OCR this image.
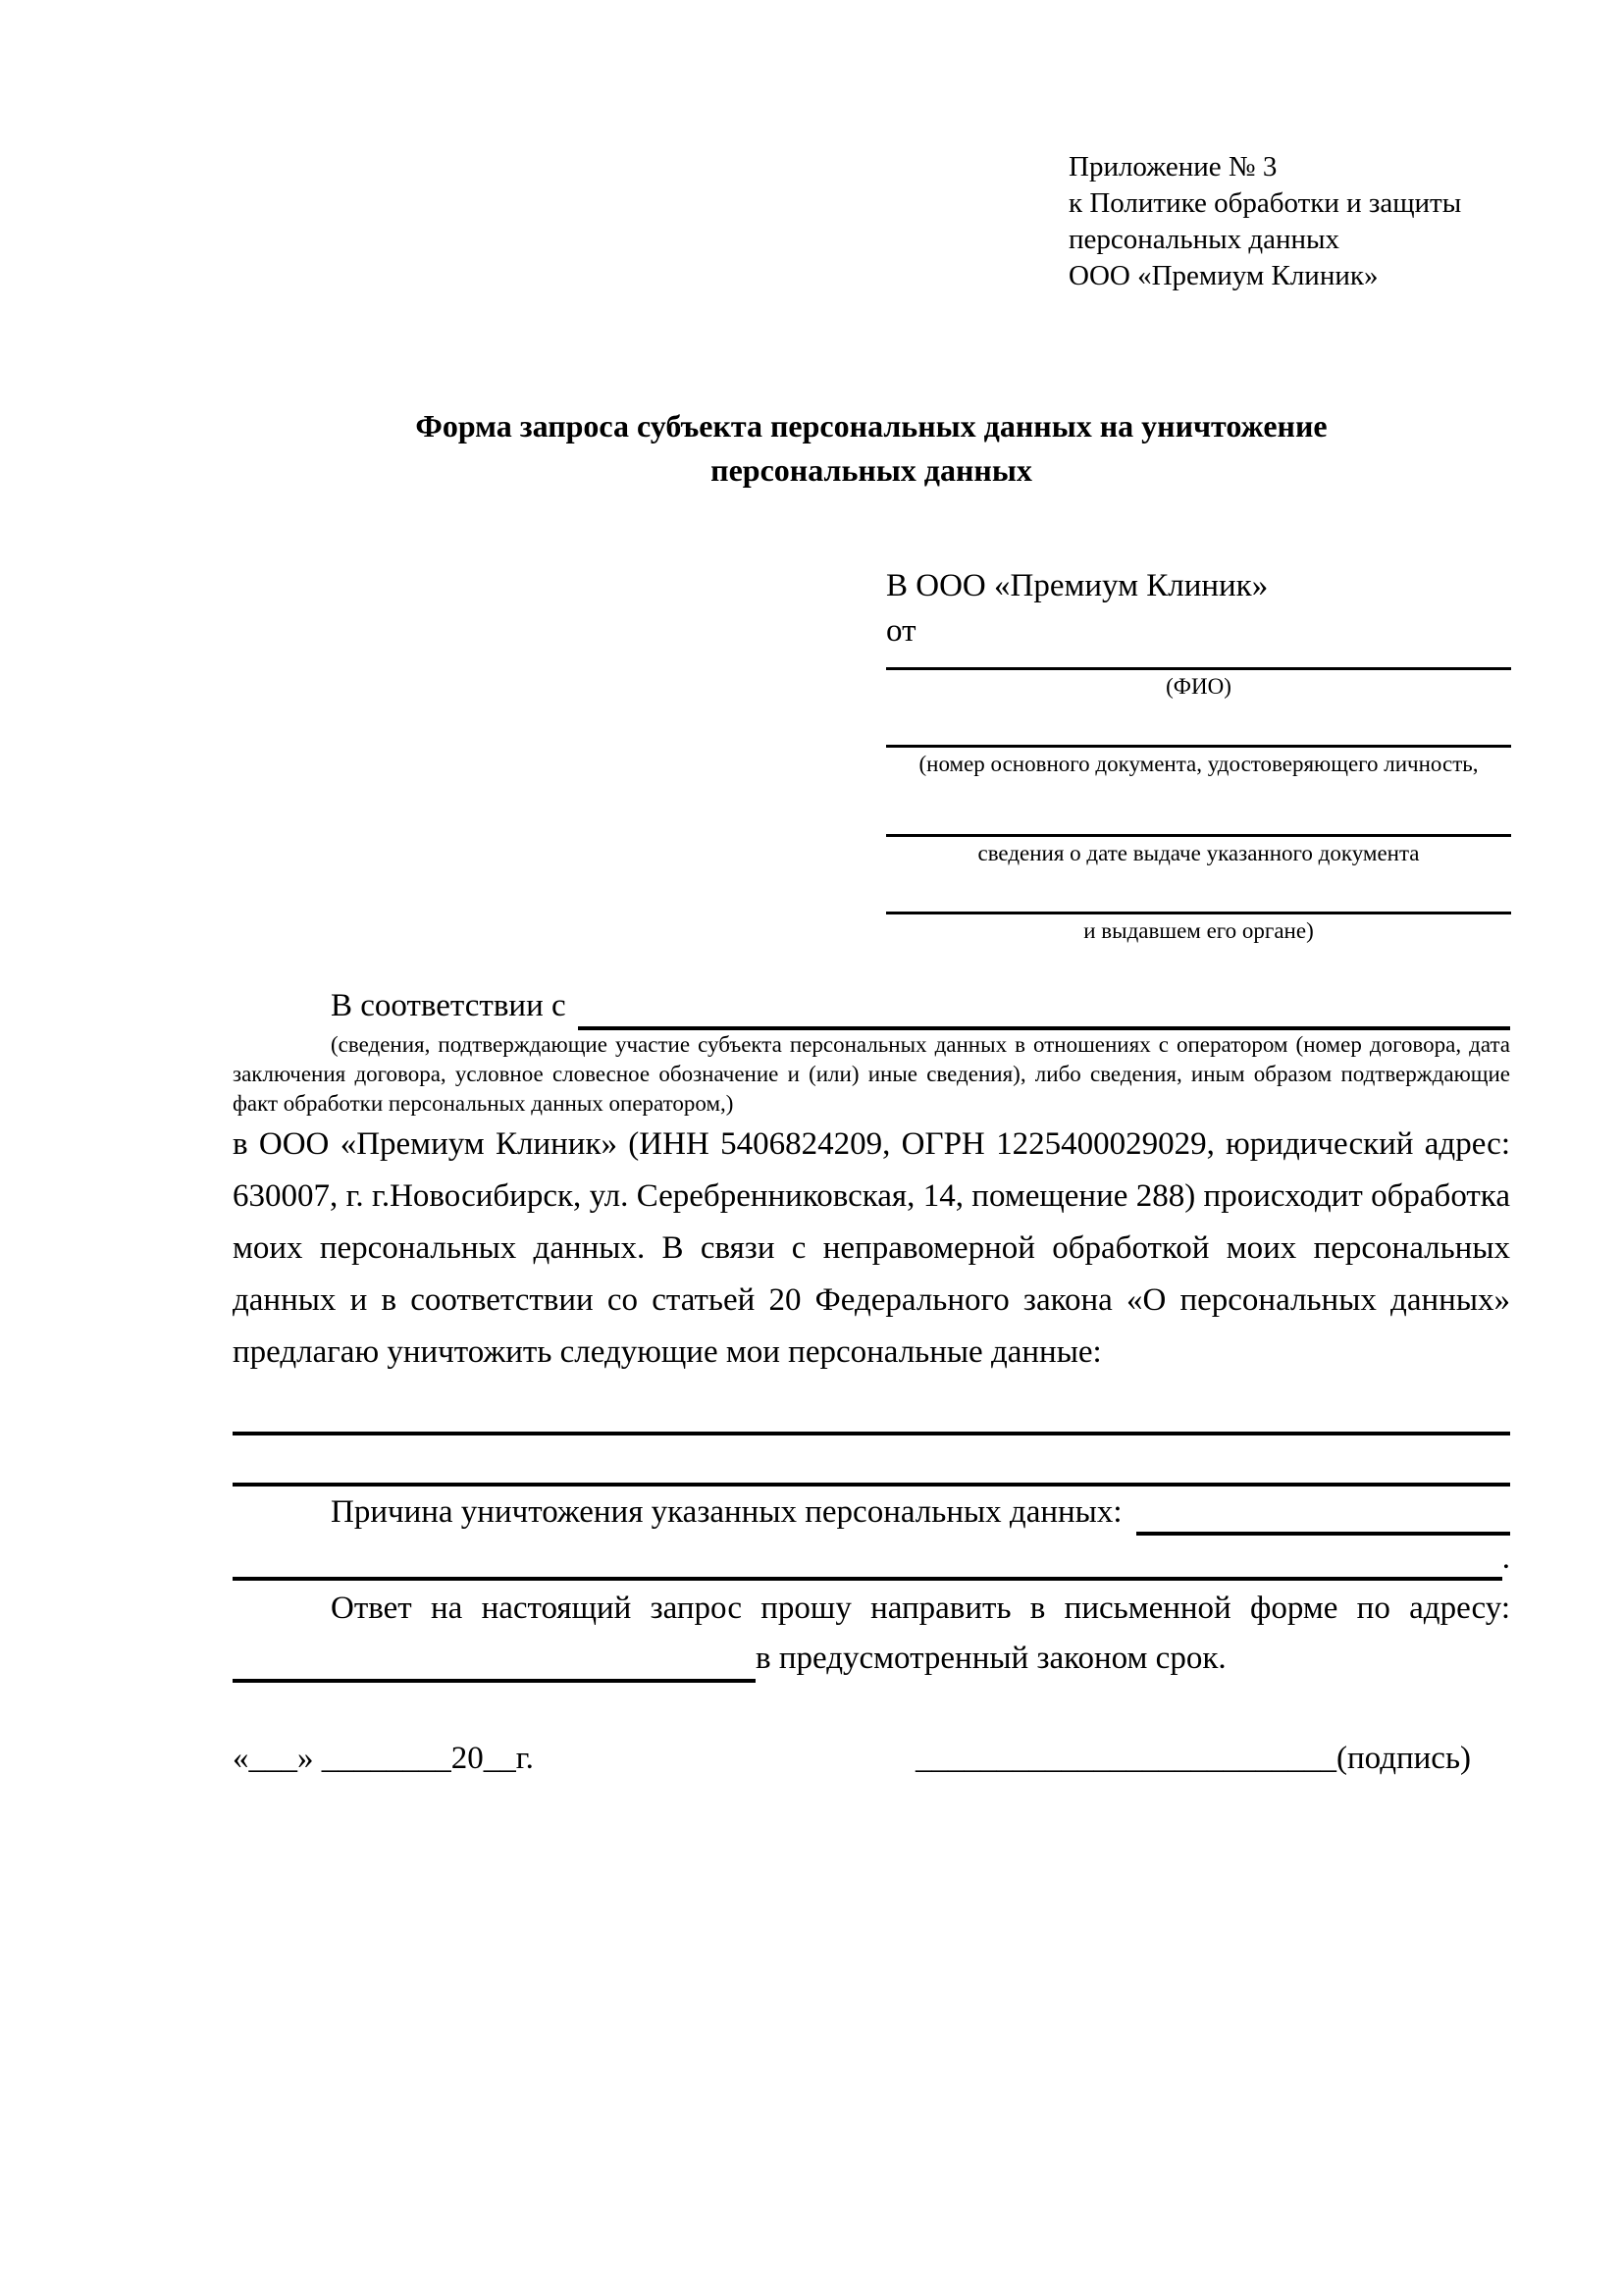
Приложение № 3
к Политике обработки и защиты
персональных данных
ООО «Премиум Клиник»
Форма запроса субъекта персональных данных на уничтожение
персональных данных
В ООО «Премиум Клиник»
от
(ФИО)
(номер основного документа, удостоверяющего личность,
сведения о дате выдаче указанного документа
и выдавшем его органе)
В соответствии с
(сведения, подтверждающие участие субъекта персональных данных в отношениях с оператором (номер договора, дата заключения договора, условное словесное обозначение и (или) иные сведения), либо сведения, иным образом подтверждающие факт обработки персональных данных оператором,)
в ООО «Премиум Клиник» (ИНН 5406824209, ОГРН 1225400029029, юридический адрес: 630007, г. г.Новосибирск, ул. Серебренниковская, 14, помещение 288) происходит обработка моих персональных данных. В связи с неправомерной обработкой моих персональных данных и в соответствии со статьей 20 Федерального закона «О персональных данных» предлагаю уничтожить следующие мои персональные данные:
Причина уничтожения указанных персональных данных:
.
Ответ на настоящий запрос прошу направить в письменной форме по адресу:
в предусмотренный законом срок.
«___» ________20__г.	__________________________(подпись)
